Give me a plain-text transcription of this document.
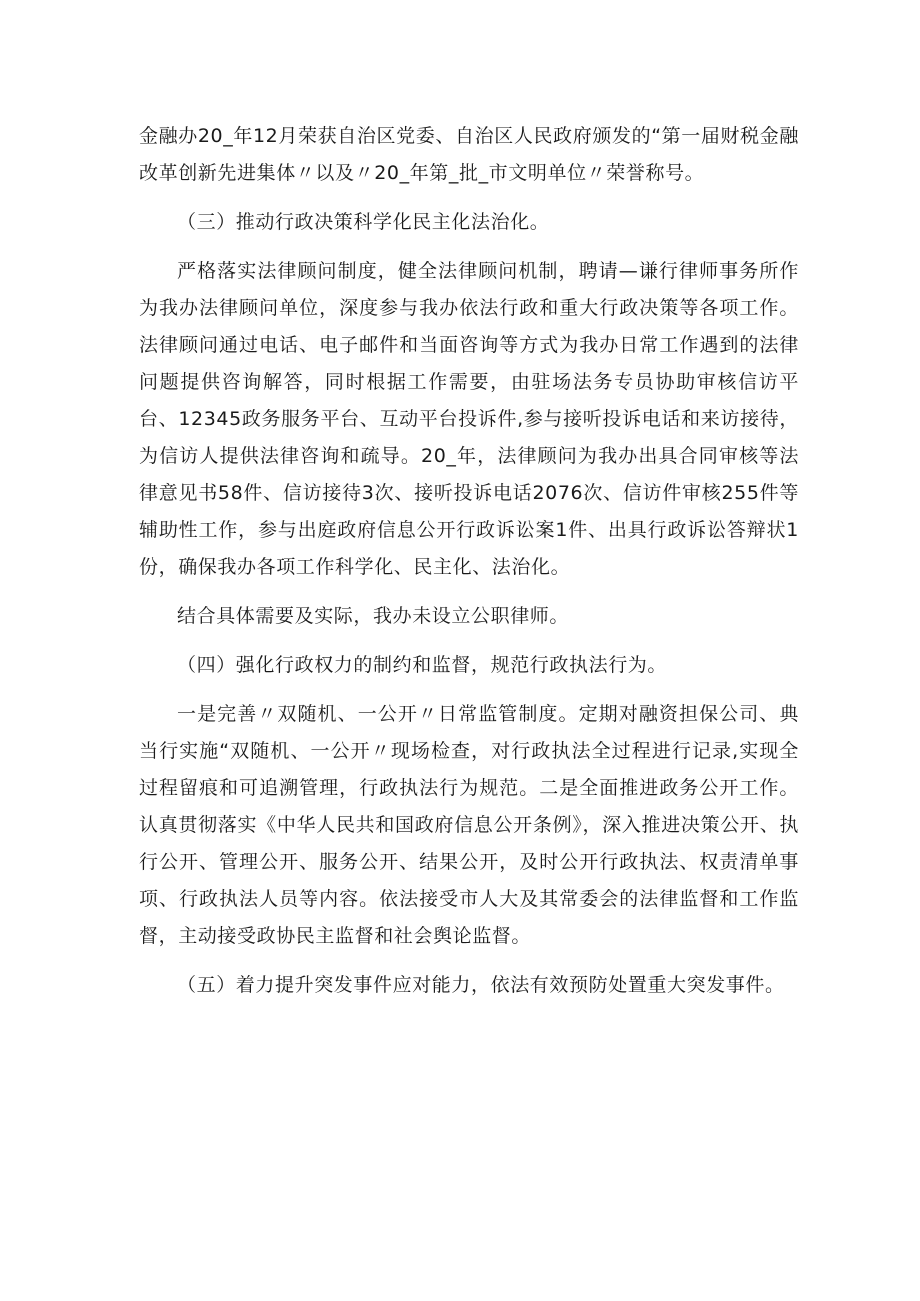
金融办20_年12月荣获自治区党委、自治区人民政府颁发的“第一届财税金融改革创新先进集体〃以及〃20_年第_批_市文明单位〃荣誉称号。

（三）推动行政决策科学化民主化法治化。

严格落实法律顾问制度，健全法律顾问机制，聘请—谦行律师事务所作为我办法律顾问单位，深度参与我办依法行政和重大行政决策等各项工作。法律顾问通过电话、电子邮件和当面咨询等方式为我办日常工作遇到的法律问题提供咨询解答，同时根据工作需要，由驻场法务专员协助审核信访平台、12345政务服务平台、互动平台投诉件,参与接听投诉电话和来访接待，为信访人提供法律咨询和疏导。20_年，法律顾问为我办出具合同审核等法律意见书58件、信访接待3次、接听投诉电话2076次、信访件审核255件等辅助性工作，参与出庭政府信息公开行政诉讼案1件、出具行政诉讼答辩状1份，确保我办各项工作科学化、民主化、法治化。

结合具体需要及实际，我办未设立公职律师。

（四）强化行政权力的制约和监督，规范行政执法行为。

一是完善〃双随机、一公开〃日常监管制度。定期对融资担保公司、典当行实施“双随机、一公开〃现场检查，对行政执法全过程进行记录,实现全过程留痕和可追溯管理，行政执法行为规范。二是全面推进政务公开工作。认真贯彻落实《中华人民共和国政府信息公开条例》，深入推进决策公开、执行公开、管理公开、服务公开、结果公开，及时公开行政执法、权责清单事项、行政执法人员等内容。依法接受市人大及其常委会的法律监督和工作监督，主动接受政协民主监督和社会舆论监督。

（五）着力提升突发事件应对能力，依法有效预防处置重大突发事件。
